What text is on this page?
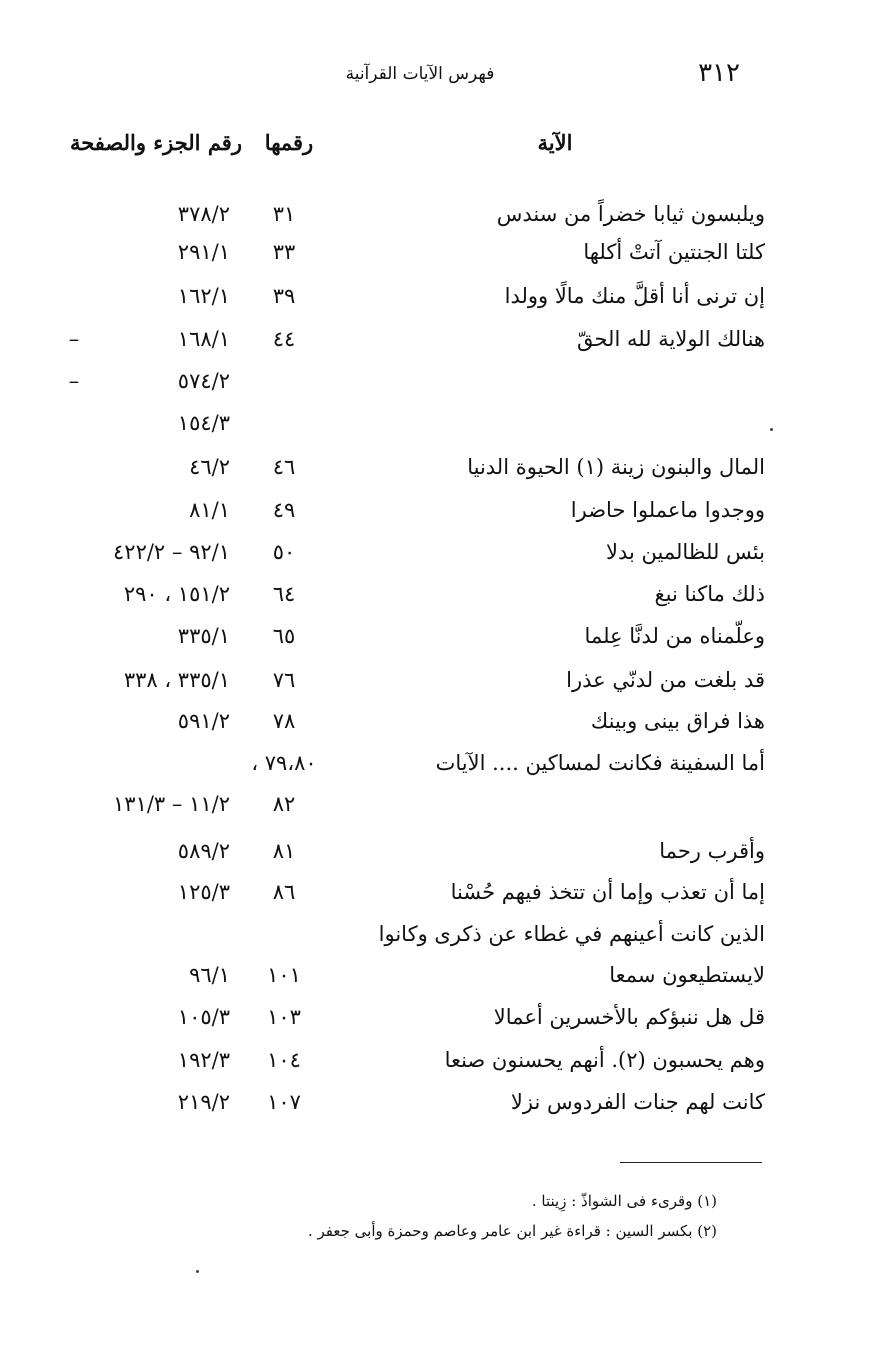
٣١٢
فهرس الآيات القرآنية
الآية
رقمها
رقم الجزء والصفحة
ويلبسون ثيابا خضراً من سندس
٣١
٣٧٨/٢
كلتا الجنتين آتتْ أكلها
٣٣
٢٩١/١
إن ترنى أنا أقلَّ منك مالًا وولدا
٣٩
١٦٢/١
هنالك الولاية لله الحقّ
٤٤
١٦٨/١
–
٥٧٤/٢
–
١٥٤/٣
المال والبنون زينة (١) الحيوة الدنيا
٤٦
٤٦/٢
ووجدوا ماعملوا حاضرا
٤٩
٨١/١
بئس للظالمين بدلا
٥٠
٩٢/١ – ٤٢٢/٢
ذلك ماكنا نبغ
٦٤
١٥١/٢ ، ٢٩٠
وعلّمناه من لدنَّا عِلما
٦٥
٣٣٥/١
قد بلغت من لدنّي عذرا
٧٦
٣٣٥/١ ، ٣٣٨
هذا فراق بينى وبينك
٧٨
٥٩١/٢
أما السفينة فكانت لمساكين .... الآيات
٧٩،٨٠ ،
٨٢
١١/٢ – ١٣١/٣
وأقرب رحما
٨١
٥٨٩/٢
إما أن تعذب وإما أن تتخذ فيهم حُسْنا
٨٦
١٢٥/٣
الذين كانت أعينهم في غطاء عن ذكرى وكانوا
لايستطيعون سمعا
١٠١
٩٦/١
قل هل ننبؤكم بالأخسرين أعمالا
١٠٣
١٠٥/٣
وهم يحسبون (٢). أنهم يحسنون صنعا
١٠٤
١٩٢/٣
كانت لهم جنات الفردوس نزلا
١٠٧
٢١٩/٢
(١) وقرىء فى الشواذّ : زِينتا .
(٢) بكسر السين : قراءة غير ابن عامر وعاصم وحمزة وأبى جعفر .
